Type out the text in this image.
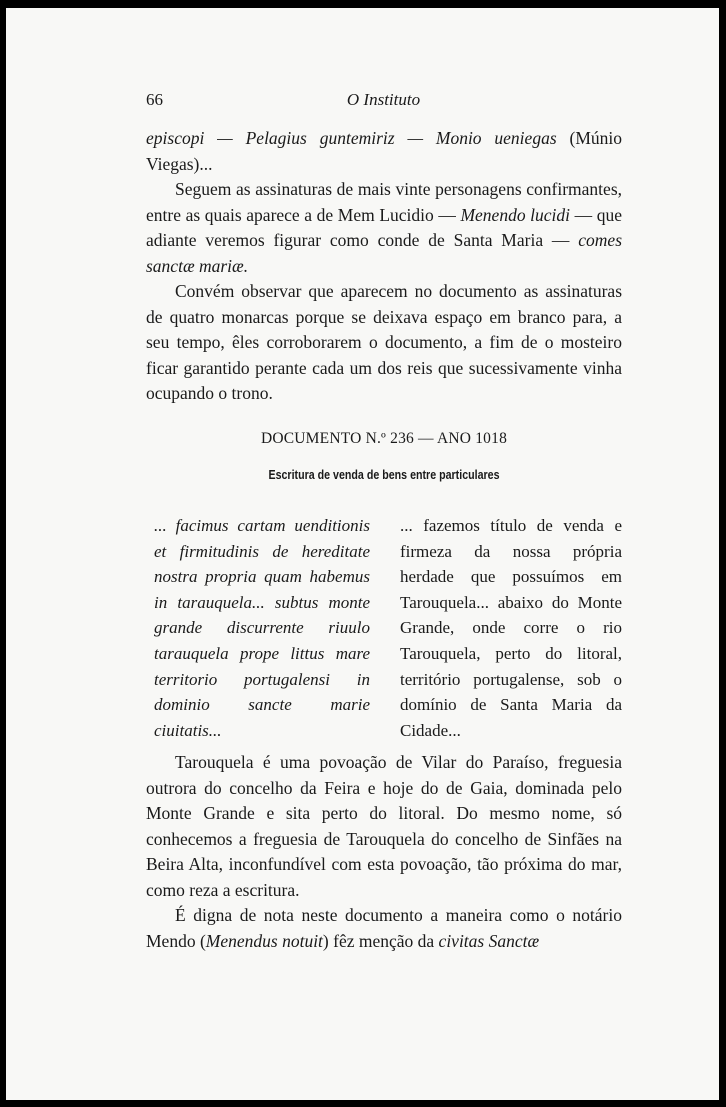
66	O Instituto

episcopi — Pelagius guntemiriz — Monio ueniegas (Múnio Viegas)...

Seguem as assinaturas de mais vinte personagens confirmantes, entre as quais aparece a de Mem Lucidio — Menendo lucidi — que adiante veremos figurar como conde de Santa Maria — comes sanctæ mariæ.

Convém observar que aparecem no documento as assinaturas de quatro monarcas porque se deixava espaço em branco para, a seu tempo, êles corroborarem o documento, a fim de o mosteiro ficar garantido perante cada um dos reis que sucessivamente vinha ocupando o trono.

DOCUMENTO N.º 236 — ANO 1018
Escritura de venda de bens entre particulares

... facimus cartam uenditionis et firmitudinis de hereditate nostra propria quam habemus in tarauquela... subtus monte grande discurrente riuulo tarauquela prope littus mare territorio portugalensi in dominio sancte marie ciuitatis...

... fazemos título de venda e firmeza da nossa própria herdade que possuímos em Tarouquela... abaixo do Monte Grande, onde corre o rio Tarouquela, perto do litoral, território portugalense, sob o domínio de Santa Maria da Cidade...

Tarouquela é uma povoação de Vilar do Paraíso, freguesia outrora do concelho da Feira e hoje do de Gaia, dominada pelo Monte Grande e sita perto do litoral. Do mesmo nome, só conhecemos a freguesia de Tarouquela do concelho de Sinfães na Beira Alta, inconfundível com esta povoação, tão próxima do mar, como reza a escritura.

É digna de nota neste documento a maneira como o notário Mendo (Menendus notuit) fêz menção da civitas Sanctæ
